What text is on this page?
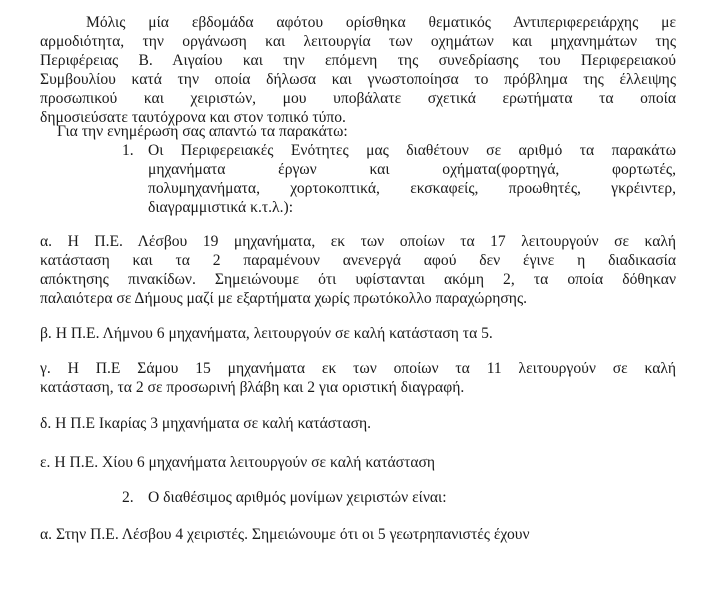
Μόλις μία εβδομάδα αφότου ορίσθηκα θεματικός Αντιπεριφερειάρχης με
αρμοδιότητα, την οργάνωση και λειτουργία των οχημάτων και μηχανημάτων της
Περιφέρειας Β. Αιγαίου και την επόμενη της συνεδρίασης του Περιφερειακού
Συμβουλίου κατά την οποία δήλωσα και γνωστοποίησα το πρόβλημα της έλλειψης
προσωπικού και χειριστών, μου υποβάλατε σχετικά ερωτήματα τα οποία
δημοσιεύσατε ταυτόχρονα και στον τοπικό τύπο.
Για την ενημέρωση σας απαντώ τα παρακάτω:
1. Οι Περιφερειακές Ενότητες μας διαθέτουν σε αριθμό τα παρακάτω
μηχανήματα έργων και οχήματα(φορτηγά, φορτωτές,
πολυμηχανήματα, χορτοκοπτικά, εκσκαφείς, προωθητές, γκρέιντερ,
διαγραμμιστικά κ.τ.λ.):
α. Η Π.Ε. Λέσβου 19 μηχανήματα, εκ των οποίων τα 17 λειτουργούν σε καλή
κατάσταση και τα 2 παραμένουν ανενεργά αφού δεν έγινε η διαδικασία
απόκτησης πινακίδων. Σημειώνουμε ότι υφίστανται ακόμη 2, τα οποία δόθηκαν
παλαιότερα σε Δήμους μαζί με εξαρτήματα χωρίς πρωτόκολλο παραχώρησης.
β. Η Π.Ε. Λήμνου 6 μηχανήματα, λειτουργούν σε καλή κατάσταση τα 5.
γ. Η Π.Ε Σάμου 15 μηχανήματα εκ των οποίων τα 11 λειτουργούν σε καλή
κατάσταση, τα 2 σε προσωρινή βλάβη και 2 για οριστική διαγραφή.
δ. Η Π.Ε Ικαρίας 3 μηχανήματα σε καλή κατάσταση.
ε. Η Π.Ε. Χίου 6 μηχανήματα λειτουργούν σε καλή κατάσταση
2. Ο διαθέσιμος αριθμός μονίμων χειριστών είναι:
α. Στην Π.Ε. Λέσβου 4 χειριστές. Σημειώνουμε ότι οι 5 γεωτρηπανιστές έχουν
